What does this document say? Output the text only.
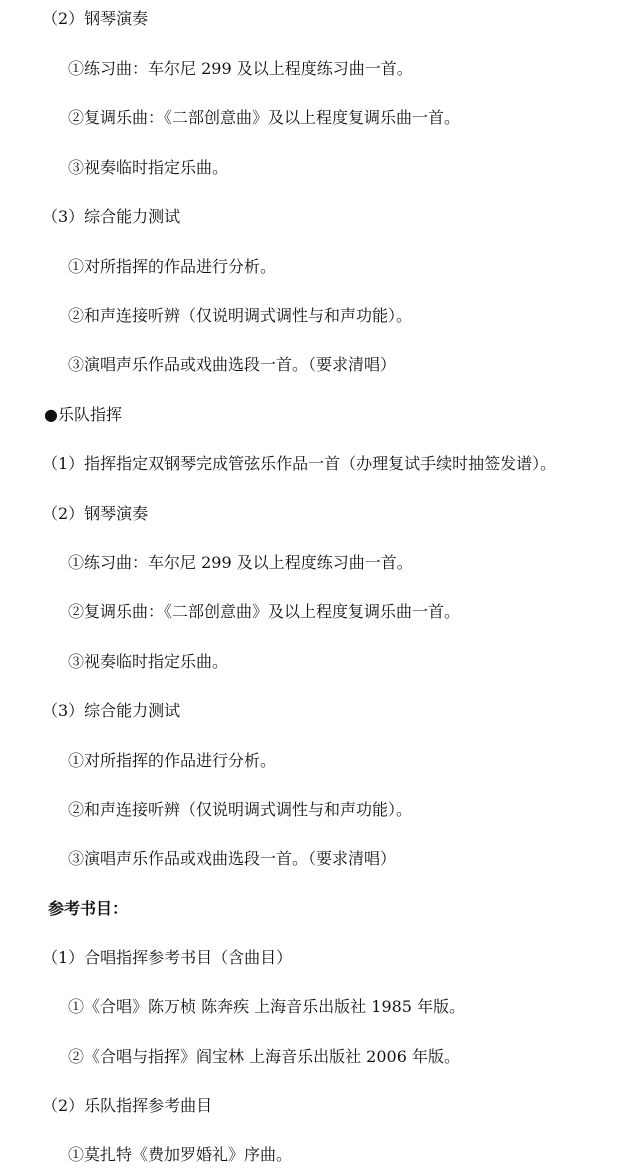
（2）钢琴演奏
①练习曲：车尔尼 299 及以上程度练习曲一首。
②复调乐曲：《二部创意曲》及以上程度复调乐曲一首。
③视奏临时指定乐曲。
（3）综合能力测试
①对所指挥的作品进行分析。
②和声连接听辨（仅说明调式调性与和声功能）。
③演唱声乐作品或戏曲选段一首。（要求清唱）
●乐队指挥
（1）指挥指定双钢琴完成管弦乐作品一首（办理复试手续时抽签发谱）。
（2）钢琴演奏
①练习曲：车尔尼 299 及以上程度练习曲一首。
②复调乐曲：《二部创意曲》及以上程度复调乐曲一首。
③视奏临时指定乐曲。
（3）综合能力测试
①对所指挥的作品进行分析。
②和声连接听辨（仅说明调式调性与和声功能）。
③演唱声乐作品或戏曲选段一首。（要求清唱）
参考书目：
（1）合唱指挥参考书目（含曲目）
①《合唱》陈万桢 陈奔疾 上海音乐出版社 1985 年版。
②《合唱与指挥》阎宝林 上海音乐出版社 2006 年版。
（2）乐队指挥参考曲目
①莫扎特《费加罗婚礼》序曲。
